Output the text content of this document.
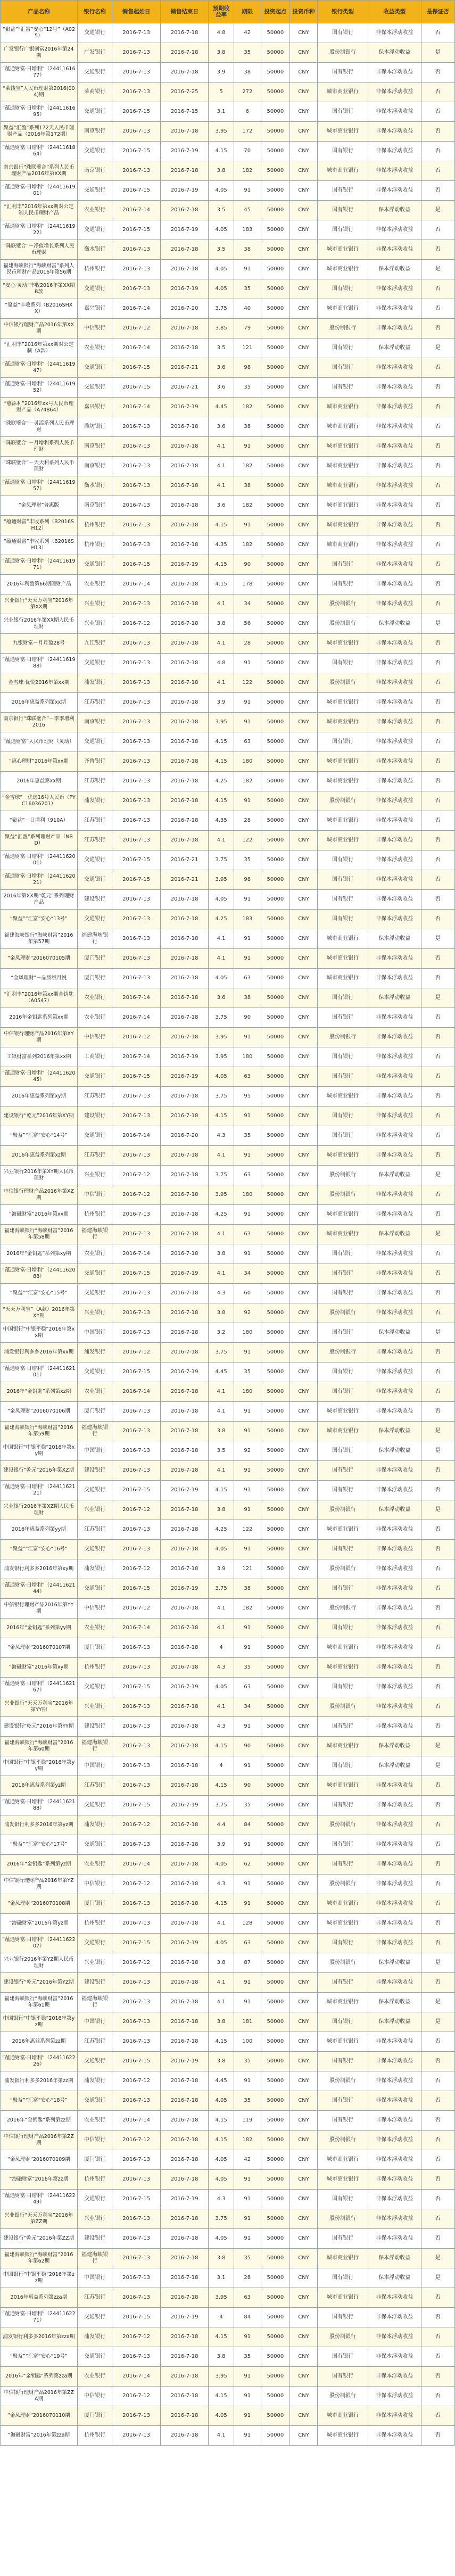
产品名称	银行名称	销售起始日	销售结束日	预期收益率	期限	投资起点	投资币种	银行类型	收益类型	是保证否
“聚益”“汇富”安心“12号”（A025）	交通银行	2016-7-13	2016-7-18	4.8	42	50000	CNY	国有银行	非保本浮动收益	否
广发银行广银创富2016年第24期	广发银行	2016-7-13	2016-7-18	3.8	35	50000	CNY	股份制银行	保本浮动收益	是
“蕴通财富·日增利”（2441161677）	交通银行	2016-7-13	2016-7-18	3.9	38	50000	CNY	国有银行	非保本浮动收益	否
“莱钱宝”人民币理财第2016(004)期	莱商银行	2016-7-13	2016-7-25	5	272	50000	CNY	城市商业银行	非保本浮动收益	否
“蕴通财富·日增利”（2441161695）	交通银行	2016-7-15	2016-7-15	3.1	6	50000	CNY	国有银行	非保本浮动收益	否
聚益“汇盈”系列172天人民币理财产品（2016年第172期）	南京银行	2016-7-13	2016-7-18	3.95	172	50000	CNY	城市商业银行	非保本浮动收益	否
“蕴通财富·日增利”（2441161864）	交通银行	2016-7-15	2016-7-19	4.15	70	50000	CNY	国有银行	非保本浮动收益	否
南京银行“珠联璧合”系列人民币理财产品2016年第XX期	南京银行	2016-7-13	2016-7-18	3.8	182	50000	CNY	城市商业银行	非保本浮动收益	否
“蕴通财富·日增利”（2441161901）	交通银行	2016-7-15	2016-7-19	4.05	91	50000	CNY	国有银行	非保本浮动收益	否
“汇利丰”2016年第xx期对公定制人民币理财产品	农业银行	2016-7-14	2016-7-18	3.5	45	50000	CNY	国有银行	保本浮动收益	是
“蕴通财富·日增利”（2441161922）	交通银行	2016-7-15	2016-7-19	4.05	183	50000	CNY	国有银行	非保本浮动收益	否
“珠联璧合”－净值增长系列人民币理财	衡水银行	2016-7-13	2016-7-18	3.5	38	50000	CNY	城市商业银行	非保本浮动收益	否
福建海峡银行“海峡财富”系列人民币理财产品2016年第56期	杭州银行	2016-7-13	2016-7-18	4.05	91	50000	CNY	城市商业银行	保本浮动收益	是
“安心·灵动”丰收2016年第XX期B款	交通银行	2016-7-13	2016-7-19	4.05	35	50000	CNY	国有银行	非保本浮动收益	否
“聚益”丰收系列（B2016SHXX）	嘉兴银行	2016-7-14	2016-7-20	3.75	40	50000	CNY	城市商业银行	非保本浮动收益	否
中信银行理财产品2016年第XX期	中信银行	2016-7-12	2016-7-18	3.85	79	50000	CNY	股份制银行	非保本浮动收益	否
“汇利丰”2016年第xx期对公定制（A款）	农业银行	2016-7-14	2016-7-18	3.5	121	50000	CNY	国有银行	保本浮动收益	是
“蕴通财富·日增利”（2441161947）	交通银行	2016-7-15	2016-7-21	3.6	98	50000	CNY	国有银行	非保本浮动收益	否
“蕴通财富·日增利”（2441161952）	交通银行	2016-7-15	2016-7-21	3.6	35	50000	CNY	国有银行	非保本浮动收益	否
“惠添利”2016年xx号人民币理财产品（A74864）	嘉兴银行	2016-7-14	2016-7-19	4.45	182	50000	CNY	城市商业银行	非保本浮动收益	否
“珠联璧合”－灵活系列人民币理财	潍坊银行	2016-7-13	2016-7-18	3.6	38	50000	CNY	城市商业银行	非保本浮动收益	否
“珠联璧合”－月增利系列人民币理财	南京银行	2016-7-13	2016-7-18	4.1	91	50000	CNY	城市商业银行	非保本浮动收益	否
“珠联璧合”－天天利系列人民币理财	南京银行	2016-7-13	2016-7-18	4.1	182	50000	CNY	城市商业银行	非保本浮动收益	否
“蕴通财富·日增利”（2441161957）	衡水银行	2016-7-13	2016-7-18	4.1	38	50000	CNY	城市商业银行	非保本浮动收益	否
“金凤理财”普惠版	南京银行	2016-7-13	2016-7-18	3.6	182	50000	CNY	城市商业银行	非保本浮动收益	否
“蕴通财富”丰收系列（B2016SH12）	杭州银行	2016-7-13	2016-7-18	4.15	91	50000	CNY	城市商业银行	非保本浮动收益	否
“蕴通财富”丰收系列（B2016SH13）	杭州银行	2016-7-13	2016-7-18	4.35	182	50000	CNY	城市商业银行	非保本浮动收益	否
“蕴通财富·日增利”（2441161971）	交通银行	2016-7-15	2016-7-19	4.15	90	50000	CNY	国有银行	非保本浮动收益	否
2016年利盈第66期理财产品	农业银行	2016-7-14	2016-7-18	4.15	178	50000	CNY	国有银行	非保本浮动收益	否
兴业银行“天天万利宝”2016年第XX期	兴业银行	2016-7-13	2016-7-18	4.1	34	50000	CNY	股份制银行	非保本浮动收益	否
兴业银行2016年第XX期人民币理财	兴业银行	2016-7-12	2016-7-18	3.8	56	50000	CNY	股份制银行	保本浮动收益	是
九银财富－月月盈28号	九江银行	2016-7-13	2016-7-18	4.1	28	50000	CNY	城市商业银行	非保本浮动收益	否
“蕴通财富·日增利”（2441161988）	交通银行	2016-7-13	2016-7-18	4.8	91	50000	CNY	国有银行	非保本浮动收益	否
金雪球·优悦2016年第xx期	浦发银行	2016-7-13	2016-7-18	4.1	122	50000	CNY	股份制银行	非保本浮动收益	否
2016年惠益系列第xx期	江苏银行	2016-7-13	2016-7-18	3.9	91	50000	CNY	城市商业银行	非保本浮动收益	否
南京银行“珠联璧合”－季季增利2016	南京银行	2016-7-13	2016-7-18	3.95	91	50000	CNY	城市商业银行	非保本浮动收益	否
“蕴通财富”人民币理财（灵动）	交通银行	2016-7-13	2016-7-18	4.15	63	50000	CNY	国有银行	非保本浮动收益	否
“惠心理财”2016年第xx期	齐鲁银行	2016-7-13	2016-7-18	4.15	180	50000	CNY	城市商业银行	非保本浮动收益	否
2016年惠益第xx期	江苏银行	2016-7-13	2016-7-18	4.25	182	50000	CNY	城市商业银行	非保本浮动收益	否
“金雪球”－优选16号人民币（PYC16036201）	浦发银行	2016-7-13	2016-7-18	4.15	91	50000	CNY	股份制银行	非保本浮动收益	否
“聚益”－日增利（910A）	江苏银行	2016-7-13	2016-7-18	4.35	28	50000	CNY	城市商业银行	非保本浮动收益	否
聚益“汇盈”系列理财产品（NBD）	江苏银行	2016-7-13	2016-7-18	4.1	122	50000	CNY	城市商业银行	非保本浮动收益	否
“蕴通财富·日增利”（2441162001）	交通银行	2016-7-15	2016-7-21	3.75	35	50000	CNY	国有银行	非保本浮动收益	否
“蕴通财富·日增利”（2441162021）	交通银行	2016-7-15	2016-7-21	3.95	98	50000	CNY	国有银行	非保本浮动收益	否
2016年第XX期“乾元”系列理财产品	建设银行	2016-7-13	2016-7-18	4.05	91	50000	CNY	国有银行	非保本浮动收益	否
“聚益”“汇富”安心“13号”	交通银行	2016-7-13	2016-7-18	4.25	183	50000	CNY	国有银行	非保本浮动收益	否
福建海峡银行“海峡财富”2016年第57期	福建海峡银行	2016-7-13	2016-7-18	4.1	91	50000	CNY	城市商业银行	保本浮动收益	是
“金凤理财”2016070105期	厦门银行	2016-7-13	2016-7-18	4.1	91	50000	CNY	城市商业银行	非保本浮动收益	否
“金凤理财”－品质版月悦	厦门银行	2016-7-13	2016-7-18	4.05	63	50000	CNY	城市商业银行	非保本浮动收益	否
“汇利丰”2016年第xx期金钥匙（A0547）	农业银行	2016-7-14	2016-7-18	3.6	38	50000	CNY	国有银行	保本浮动收益	是
2016年金钥匙系列第xx期	农业银行	2016-7-14	2016-7-18	3.75	90	50000	CNY	国有银行	非保本浮动收益	否
中信银行理财产品2016年第XY期	中信银行	2016-7-12	2016-7-18	3.95	91	50000	CNY	股份制银行	非保本浮动收益	否
工银财富系列2016年第xx期	工商银行	2016-7-14	2016-7-19	3.95	180	50000	CNY	国有银行	非保本浮动收益	否
“蕴通财富·日增利”（2441162045）	交通银行	2016-7-15	2016-7-19	4.05	63	50000	CNY	国有银行	非保本浮动收益	否
2016年惠益系列第xy期	江苏银行	2016-7-13	2016-7-18	3.75	95	50000	CNY	城市商业银行	非保本浮动收益	否
建设银行“乾元”2016年第XY期	建设银行	2016-7-13	2016-7-18	4.15	91	50000	CNY	国有银行	非保本浮动收益	否
“聚益”“汇富”安心“14号”	交通银行	2016-7-14	2016-7-20	4.3	35	50000	CNY	国有银行	非保本浮动收益	否
2016年惠益系列第xz期	江苏银行	2016-7-13	2016-7-18	4.1	91	50000	CNY	城市商业银行	非保本浮动收益	否
兴业银行2016年第XY期人民币理财	兴业银行	2016-7-12	2016-7-18	3.75	63	50000	CNY	股份制银行	保本浮动收益	是
中信银行理财产品2016年第XZ期	中信银行	2016-7-12	2016-7-18	3.95	180	50000	CNY	股份制银行	非保本浮动收益	否
“海融财富”2016年第xx期	杭州银行	2016-7-13	2016-7-18	4.25	91	50000	CNY	城市商业银行	非保本浮动收益	否
福建海峡银行“海峡财富”2016年第58期	福建海峡银行	2016-7-13	2016-7-18	4.1	63	50000	CNY	城市商业银行	保本浮动收益	是
2016年“金钥匙”系列第xy期	农业银行	2016-7-14	2016-7-18	3.8	91	50000	CNY	国有银行	非保本浮动收益	否
“蕴通财富·日增利”（2441162088）	交通银行	2016-7-15	2016-7-19	4.1	34	50000	CNY	国有银行	非保本浮动收益	否
“聚益”“汇富”安心“15号”	交通银行	2016-7-13	2016-7-18	4.3	60	50000	CNY	国有银行	非保本浮动收益	否
“天天万利宝”（A款）2016年第XY期	兴业银行	2016-7-13	2016-7-18	3.8	92	50000	CNY	股份制银行	非保本浮动收益	否
中国银行“中银平稳”2016年第xx期	中国银行	2016-7-13	2016-7-18	3.2	180	50000	CNY	国有银行	保本浮动收益	是
浦发银行利多多2016年第xx期	浦发银行	2016-7-12	2016-7-18	3.75	91	50000	CNY	股份制银行	非保本浮动收益	否
“蕴通财富·日增利”（2441162101）	交通银行	2016-7-15	2016-7-19	4.45	35	50000	CNY	国有银行	非保本浮动收益	否
2016年“金钥匙”系列第xz期	农业银行	2016-7-14	2016-7-18	4.1	180	50000	CNY	国有银行	非保本浮动收益	否
“金凤理财”2016070106期	厦门银行	2016-7-13	2016-7-18	4.1	91	50000	CNY	城市商业银行	非保本浮动收益	否
福建海峡银行“海峡财富”2016年第59期	福建海峡银行	2016-7-13	2016-7-18	3.8	91	50000	CNY	城市商业银行	保本浮动收益	是
中国银行“中银平稳”2016年第xy期	中国银行	2016-7-13	2016-7-18	3.5	92	50000	CNY	国有银行	保本浮动收益	是
建设银行“乾元”2016年第XZ期	建设银行	2016-7-13	2016-7-18	4.1	91	50000	CNY	国有银行	非保本浮动收益	否
“蕴通财富·日增利”（2441162121）	交通银行	2016-7-15	2016-7-19	4.15	91	50000	CNY	国有银行	非保本浮动收益	否
兴业银行2016年第XZ期人民币理财	兴业银行	2016-7-12	2016-7-18	3.8	91	50000	CNY	股份制银行	保本浮动收益	是
2016年惠益系列第yy期	江苏银行	2016-7-13	2016-7-18	4.25	122	50000	CNY	城市商业银行	非保本浮动收益	否
“聚益”“汇富”安心“16号”	交通银行	2016-7-13	2016-7-18	4.05	91	50000	CNY	国有银行	非保本浮动收益	否
浦发银行利多多2016年第xy期	浦发银行	2016-7-12	2016-7-18	3.9	121	50000	CNY	股份制银行	非保本浮动收益	否
“蕴通财富·日增利”（2441162144）	交通银行	2016-7-15	2016-7-19	3.75	38	50000	CNY	国有银行	非保本浮动收益	否
中信银行理财产品2016年第YY期	中信银行	2016-7-12	2016-7-18	4.1	182	50000	CNY	股份制银行	非保本浮动收益	否
2016年“金钥匙”系列第yy期	农业银行	2016-7-14	2016-7-18	4.1	91	50000	CNY	国有银行	非保本浮动收益	否
“金凤理财”2016070107期	厦门银行	2016-7-13	2016-7-18	4	91	50000	CNY	城市商业银行	非保本浮动收益	否
“海融财富”2016年第xy期	杭州银行	2016-7-13	2016-7-18	4.3	35	50000	CNY	城市商业银行	非保本浮动收益	否
“蕴通财富·日增利”（2441162167）	交通银行	2016-7-15	2016-7-19	4.05	63	50000	CNY	国有银行	非保本浮动收益	否
兴业银行“天天万利宝”2016年第YY期	兴业银行	2016-7-13	2016-7-18	4.1	34	50000	CNY	股份制银行	非保本浮动收益	否
建设银行“乾元”2016年第YY期	建设银行	2016-7-13	2016-7-18	4.3	91	50000	CNY	国有银行	非保本浮动收益	否
福建海峡银行“海峡财富”2016年第60期	福建海峡银行	2016-7-13	2016-7-18	4.15	90	50000	CNY	城市商业银行	保本浮动收益	是
中国银行“中银平稳”2016年第yy期	中国银行	2016-7-13	2016-7-18	4	91	50000	CNY	国有银行	保本浮动收益	是
2016年惠益系列第yz期	江苏银行	2016-7-13	2016-7-18	4.15	90	50000	CNY	城市商业银行	非保本浮动收益	否
“蕴通财富·日增利”（2441162188）	交通银行	2016-7-15	2016-7-19	3.75	35	50000	CNY	国有银行	非保本浮动收益	否
浦发银行利多多2016年第yz期	浦发银行	2016-7-12	2016-7-18	4.4	84	50000	CNY	股份制银行	非保本浮动收益	否
“聚益”“汇富”安心“17号”	交通银行	2016-7-13	2016-7-18	3.9	91	50000	CNY	国有银行	非保本浮动收益	否
2016年“金钥匙”系列第yz期	农业银行	2016-7-14	2016-7-18	4.05	62	50000	CNY	国有银行	非保本浮动收益	否
中信银行理财产品2016年第YZ期	中信银行	2016-7-12	2016-7-18	4.3	91	50000	CNY	股份制银行	非保本浮动收益	否
“金凤理财”2016070108期	厦门银行	2016-7-13	2016-7-18	4.15	91	50000	CNY	城市商业银行	非保本浮动收益	否
“海融财富”2016年第yz期	杭州银行	2016-7-13	2016-7-18	4.1	128	50000	CNY	城市商业银行	非保本浮动收益	否
“蕴通财富·日增利”（2441162207）	交通银行	2016-7-15	2016-7-19	4.05	63	50000	CNY	国有银行	非保本浮动收益	否
兴业银行2016年第YZ期人民币理财	兴业银行	2016-7-12	2016-7-18	3.8	87	50000	CNY	股份制银行	保本浮动收益	是
建设银行“乾元”2016年第YZ期	建设银行	2016-7-13	2016-7-18	4.1	91	50000	CNY	国有银行	非保本浮动收益	否
福建海峡银行“海峡财富”2016年第61期	福建海峡银行	2016-7-13	2016-7-18	4.1	91	50000	CNY	城市商业银行	保本浮动收益	是
中国银行“中银平稳”2016年第yz期	中国银行	2016-7-13	2016-7-18	3.8	181	50000	CNY	国有银行	保本浮动收益	是
2016年惠益系列第zz期	江苏银行	2016-7-13	2016-7-18	4.15	100	50000	CNY	城市商业银行	非保本浮动收益	否
“蕴通财富·日增利”（2441162226）	交通银行	2016-7-15	2016-7-19	3.8	35	50000	CNY	国有银行	非保本浮动收益	否
浦发银行利多多2016年第zz期	浦发银行	2016-7-12	2016-7-18	4.45	91	50000	CNY	股份制银行	非保本浮动收益	否
“聚益”“汇富”安心“18号”	交通银行	2016-7-13	2016-7-18	4.05	35	50000	CNY	国有银行	非保本浮动收益	否
2016年“金钥匙”系列第zz期	农业银行	2016-7-14	2016-7-18	4.15	119	50000	CNY	国有银行	非保本浮动收益	否
中信银行理财产品2016年第ZZ期	中信银行	2016-7-12	2016-7-18	4.15	182	50000	CNY	股份制银行	非保本浮动收益	否
“金凤理财”2016070109期	厦门银行	2016-7-13	2016-7-18	4.05	42	50000	CNY	城市商业银行	非保本浮动收益	否
“海融财富”2016年第zz期	杭州银行	2016-7-13	2016-7-18	4.05	91	50000	CNY	城市商业银行	非保本浮动收益	否
“蕴通财富·日增利”（2441162249）	交通银行	2016-7-15	2016-7-19	4.3	91	50000	CNY	国有银行	非保本浮动收益	否
兴业银行“天天万利宝”2016年第ZZ期	兴业银行	2016-7-13	2016-7-18	3.75	91	50000	CNY	股份制银行	非保本浮动收益	否
建设银行“乾元”2016年第ZZ期	建设银行	2016-7-13	2016-7-18	4.05	91	50000	CNY	国有银行	非保本浮动收益	否
福建海峡银行“海峡财富”2016年第62期	福建海峡银行	2016-7-13	2016-7-18	3.8	35	50000	CNY	城市商业银行	保本浮动收益	是
中国银行“中银平稳”2016年第zz期	中国银行	2016-7-13	2016-7-18	3.1	28	50000	CNY	国有银行	保本浮动收益	是
2016年惠益系列第zza期	江苏银行	2016-7-13	2016-7-18	3.95	63	50000	CNY	城市商业银行	非保本浮动收益	否
“蕴通财富·日增利”（2441162271）	交通银行	2016-7-15	2016-7-19	4	84	50000	CNY	国有银行	非保本浮动收益	否
浦发银行利多多2016年第zza期	浦发银行	2016-7-12	2016-7-18	4.15	91	50000	CNY	股份制银行	非保本浮动收益	否
“聚益”“汇富”安心“19号”	交通银行	2016-7-13	2016-7-18	3.8	35	50000	CNY	国有银行	非保本浮动收益	否
2016年“金钥匙”系列第zza期	农业银行	2016-7-14	2016-7-18	3.95	91	50000	CNY	国有银行	非保本浮动收益	否
中信银行理财产品2016年第ZZA期	中信银行	2016-7-12	2016-7-18	4.15	91	50000	CNY	股份制银行	非保本浮动收益	否
“金凤理财”2016070110期	厦门银行	2016-7-13	2016-7-18	4.05	91	50000	CNY	城市商业银行	非保本浮动收益	否
“海融财富”2016年第zza期	杭州银行	2016-7-13	2016-7-18	4.1	91	50000	CNY	城市商业银行	非保本浮动收益	否
